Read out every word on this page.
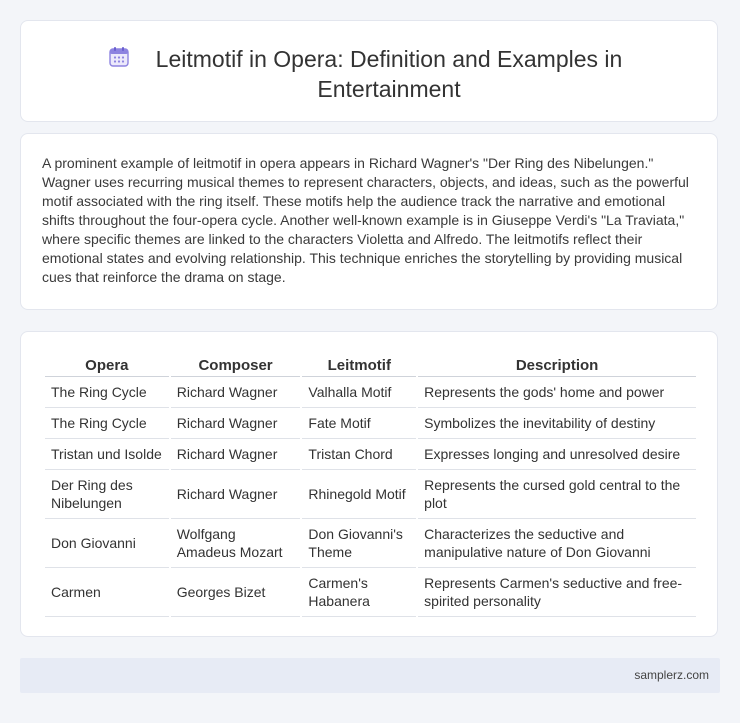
Leitmotif in Opera: Definition and Examples in Entertainment

A prominent example of leitmotif in opera appears in Richard Wagner's "Der Ring des Nibelungen." Wagner uses recurring musical themes to represent characters, objects, and ideas, such as the powerful motif associated with the ring itself. These motifs help the audience track the narrative and emotional shifts throughout the four-opera cycle. Another well-known example is in Giuseppe Verdi's "La Traviata," where specific themes are linked to the characters Violetta and Alfredo. The leitmotifs reflect their emotional states and evolving relationship. This technique enriches the storytelling by providing musical cues that reinforce the drama on stage.

Opera	Composer	Leitmotif	Description
The Ring Cycle	Richard Wagner	Valhalla Motif	Represents the gods' home and power
The Ring Cycle	Richard Wagner	Fate Motif	Symbolizes the inevitability of destiny
Tristan und Isolde	Richard Wagner	Tristan Chord	Expresses longing and unresolved desire
Der Ring des Nibelungen	Richard Wagner	Rhinegold Motif	Represents the cursed gold central to the plot
Don Giovanni	Wolfgang Amadeus Mozart	Don Giovanni's Theme	Characterizes the seductive and manipulative nature of Don Giovanni
Carmen	Georges Bizet	Carmen's Habanera	Represents Carmen's seductive and free-spirited personality
samplerz.com
